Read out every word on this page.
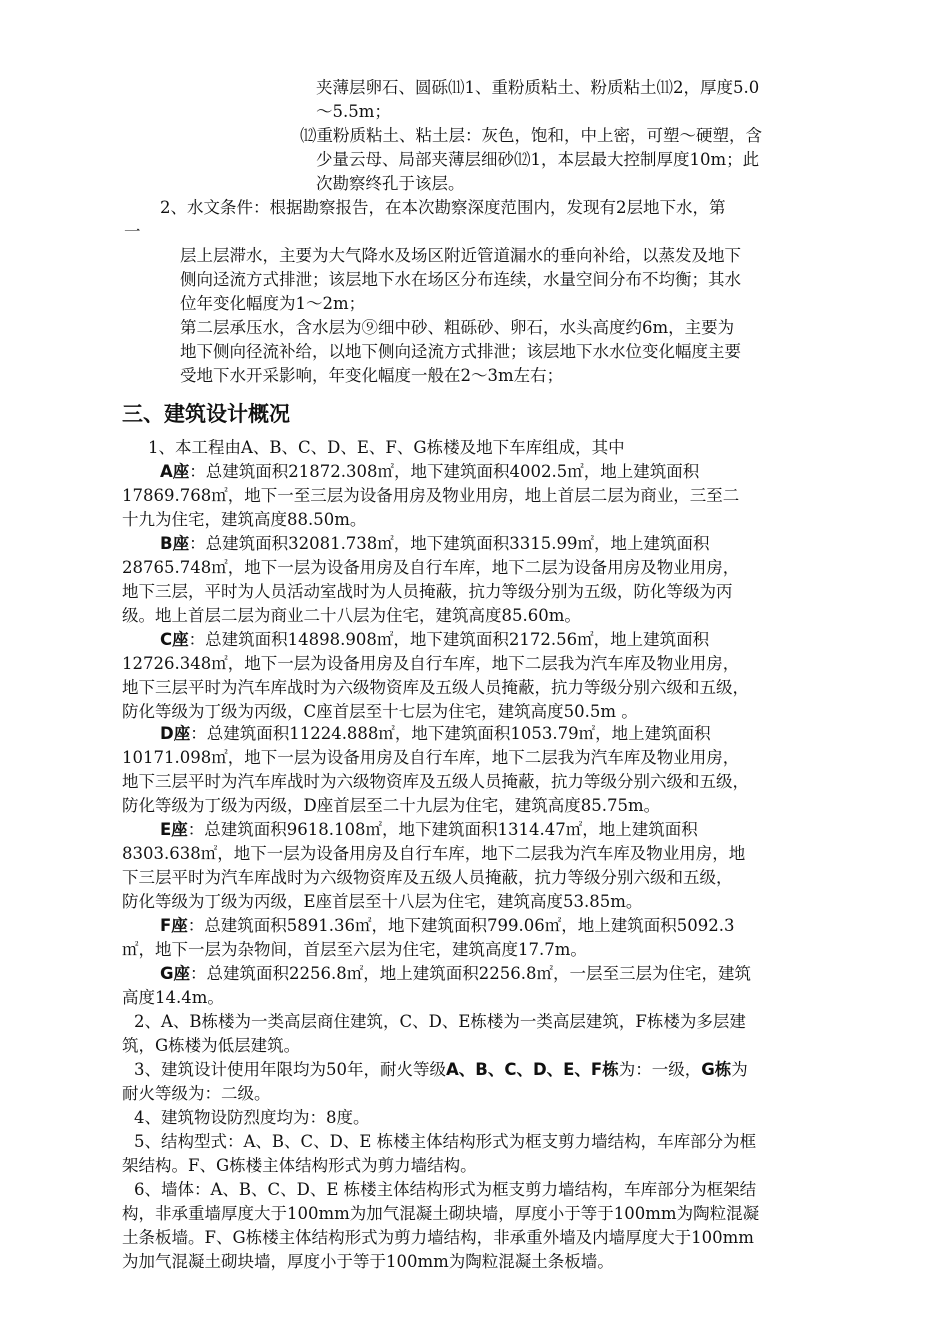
夹薄层卵石、圆砾⑾1、重粉质粘土、粉质粘土⑾2，厚度5.0
～5.5m；
⑿重粉质粘土、粘土层：灰色，饱和，中上密，可塑～硬塑，含
少量云母、局部夹薄层细砂⑿1，本层最大控制厚度10m；此
次勘察终孔于该层。
2、水文条件：根据勘察报告，在本次勘察深度范围内，发现有2层地下水，第
一
层上层滞水，主要为大气降水及场区附近管道漏水的垂向补给，以蒸发及地下
侧向迳流方式排泄；该层地下水在场区分布连续，水量空间分布不均衡；其水
位年变化幅度为1～2m；
第二层承压水，含水层为⑨细中砂、粗砾砂、卵石，水头高度约6m，主要为
地下侧向径流补给，以地下侧向迳流方式排泄；该层地下水水位变化幅度主要
受地下水开采影响，年变化幅度一般在2～3m左右；
三、建筑设计概况
1、本工程由A、B、C、D、E、F、G栋楼及地下车库组成，其中
A座：总建筑面积21872.308㎡，地下建筑面积4002.5㎡，地上建筑面积
17869.768㎡，地下一至三层为设备用房及物业用房，地上首层二层为商业，三至二
十九为住宅，建筑高度88.50m。
B座：总建筑面积32081.738㎡，地下建筑面积3315.99㎡，地上建筑面积
28765.748㎡，地下一层为设备用房及自行车库，地下二层为设备用房及物业用房，
地下三层，平时为人员活动室战时为人员掩蔽，抗力等级分别为五级，防化等级为丙
级。地上首层二层为商业二十八层为住宅，建筑高度85.60m。
C座：总建筑面积14898.908㎡，地下建筑面积2172.56㎡，地上建筑面积
12726.348㎡，地下一层为设备用房及自行车库，地下二层我为汽车库及物业用房，
地下三层平时为汽车库战时为六级物资库及五级人员掩蔽，抗力等级分别六级和五级，
防化等级为丁级为丙级，C座首层至十七层为住宅，建筑高度50.5m 。
D座：总建筑面积11224.888㎡，地下建筑面积1053.79㎡，地上建筑面积
10171.098㎡，地下一层为设备用房及自行车库，地下二层我为汽车库及物业用房，
地下三层平时为汽车库战时为六级物资库及五级人员掩蔽，抗力等级分别六级和五级，
防化等级为丁级为丙级，D座首层至二十九层为住宅，建筑高度85.75m。
E座：总建筑面积9618.108㎡，地下建筑面积1314.47㎡，地上建筑面积
8303.638㎡，地下一层为设备用房及自行车库，地下二层我为汽车库及物业用房，地
下三层平时为汽车库战时为六级物资库及五级人员掩蔽，抗力等级分别六级和五级，
防化等级为丁级为丙级，E座首层至十八层为住宅，建筑高度53.85m。
F座：总建筑面积5891.36㎡，地下建筑面积799.06㎡，地上建筑面积5092.3
㎡，地下一层为杂物间，首层至六层为住宅，建筑高度17.7m。
G座：总建筑面积2256.8㎡，地上建筑面积2256.8㎡，一层至三层为住宅，建筑
高度14.4m。
2、A、B栋楼为一类高层商住建筑，C、D、E栋楼为一类高层建筑，F栋楼为多层建
筑，G栋楼为低层建筑。
3、建筑设计使用年限均为50年，耐火等级A、B、C、D、E、F栋为：一级，G栋为
耐火等级为：二级。
4、建筑物设防烈度均为：8度。
5、结构型式：A、B、C、D、E 栋楼主体结构形式为框支剪力墙结构，车库部分为框
架结构。F、G栋楼主体结构形式为剪力墙结构。
6、墙体：A、B、C、D、E 栋楼主体结构形式为框支剪力墙结构，车库部分为框架结
构，非承重墙厚度大于100mm为加气混凝土砌块墙，厚度小于等于100mm为陶粒混凝
土条板墙。F、G栋楼主体结构形式为剪力墙结构，非承重外墙及内墙厚度大于100mm
为加气混凝土砌块墙，厚度小于等于100mm为陶粒混凝土条板墙。
